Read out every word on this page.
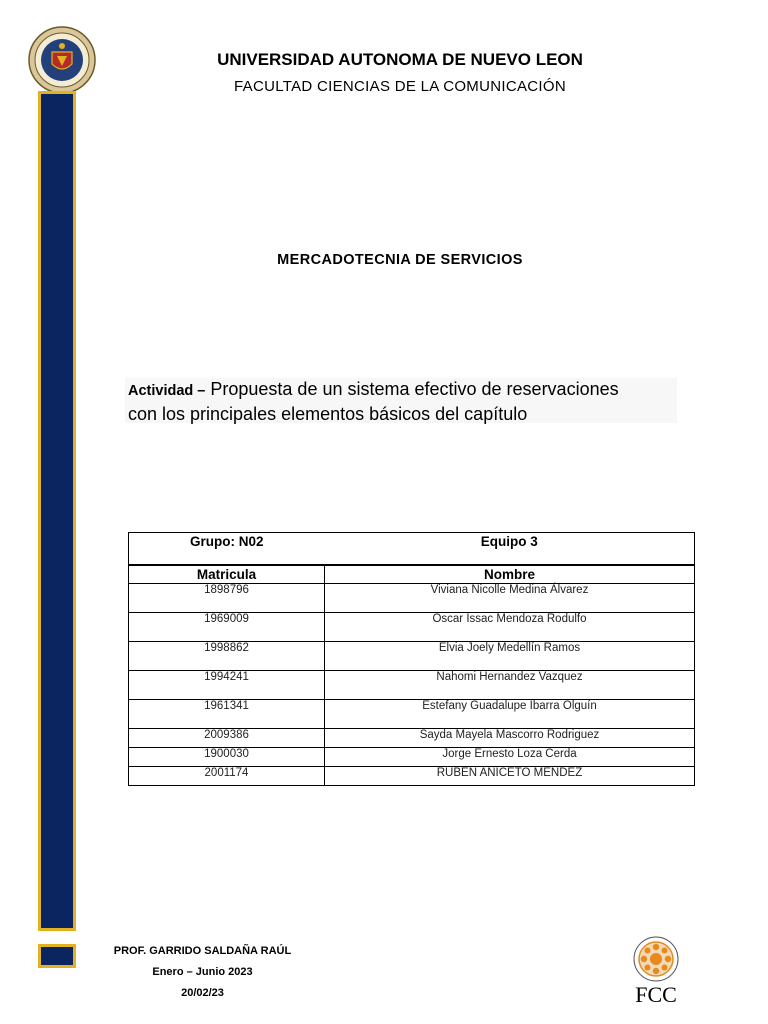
UNIVERSIDAD AUTONOMA DE NUEVO LEON
FACULTAD CIENCIAS DE LA COMUNICACIÓN
MERCADOTECNIA DE SERVICIOS
Actividad – Propuesta de un sistema efectivo de reservaciones
con los principales elementos básicos del capítulo
Grupo: N02	Equipo 3
Matricula	Nombre
1898796	Viviana Nicolle Medina Álvarez
1969009	Oscar Issac Mendoza Rodulfo
1998862	Elvia Joely Medellín Ramos
1994241	Nahomi Hernandez Vazquez
1961341	Estefany Guadalupe Ibarra Olguín
2009386	Sayda Mayela Mascorro Rodriguez
1900030	Jorge Ernesto Loza Cerda
2001174	RUBEN ANICETO MENDEZ
PROF. GARRIDO SALDAÑA RAÚL
Enero – Junio 2023
20/02/23	FCC
